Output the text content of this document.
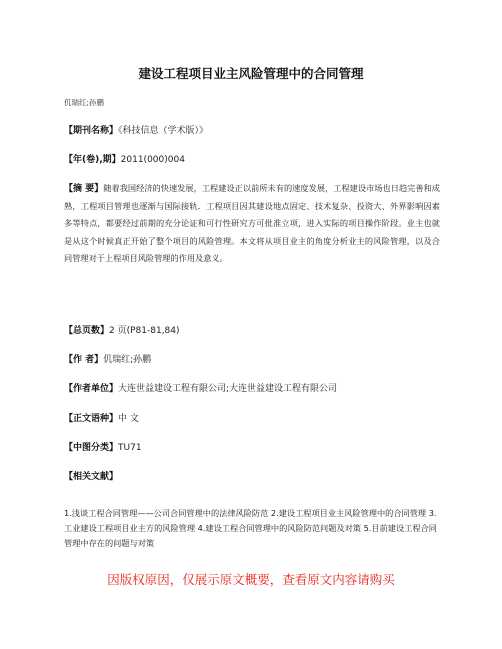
建设工程项目业主风险管理中的合同管理
仉瑞红;孙鹏
【期刊名称】《科技信息（学术版）》
【年(卷),期】2011(000)004
【摘 要】随着我国经济的快速发展，工程建设正以前所未有的速度发展，工程建设市场也日趋完善和成熟，工程项目管理也逐渐与国际接轨．工程项目因其建设地点固定、技术复杂、投资大、外界影响因素多等特点，都要经过前期的充分论证和可行性研究方可批准立项，进入实际的项目操作阶段。业主也就是从这个时候真正开始了整个项目的风险管理。本文将从项目业主的角度分析业主的风险管理，以及合同管理对于上程项目风险管理的作用及意义。
【总页数】2 页(P81-81,84)
【作 者】仉瑞红;孙鹏
【作者单位】大连世益建设工程有限公司;大连世益建设工程有限公司
【正文语种】中 文
【中图分类】TU71
【相关文献】
1.浅谈工程合同管理——公司合同管理中的法律风险防范 2.建设工程项目业主风险管理中的合同管理 3.工业建设工程项目业主方的风险管理 4.建设工程合同管理中的风险防范问题及对策 5.目前建设工程合同管理中存在的问题与对策
因版权原因，仅展示原文概要，查看原文内容请购买
